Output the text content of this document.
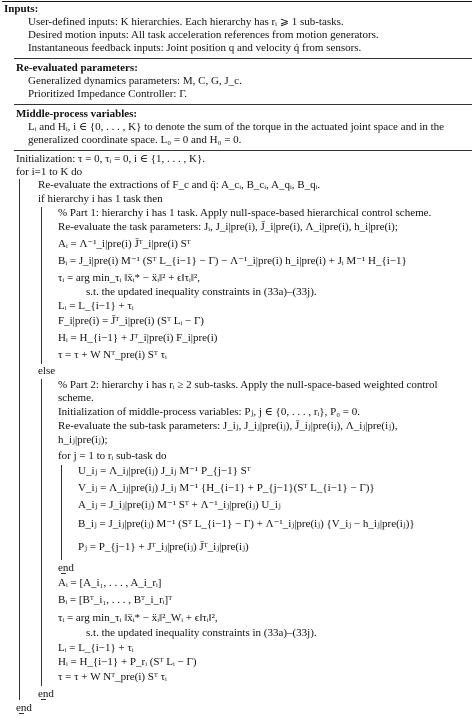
Inputs:
User-defined inputs: K hierarchies. Each hierarchy has rᵢ ⩾ 1 sub-tasks.
Desired motion inputs: All task acceleration references from motion generators.
Instantaneous feedback inputs: Joint position q and velocity q̇ from sensors.
Re-evaluated parameters:
Generalized dynamics parameters: M, C, G, J_c.
Prioritized Impedance Controller: Γ.
Middle-process variables:
Lᵢ and Hᵢ, i ∈ {0, . . . , K} to denote the sum of the torque in the actuated joint space and in the
generalized coordinate space. L₀ = 0 and H₀ = 0.
Initialization: τ = 0, τᵢ = 0, i ∈ {1, . . . , K}.
for i=1 to K do
Re-evaluate the extractions of F_c and q̈: A_cᵢ, B_cᵢ, A_qᵢ, B_qᵢ.
if hierarchy i has 1 task then
% Part 1: hierarchy i has 1 task. Apply null-space-based hierarchical control scheme.
Re-evaluate the task parameters: Jᵢ, J_i|pre(i), J̄_i|pre(i), Λ_i|pre(i), h_i|pre(i);
Aᵢ = Λ⁻¹_i|pre(i) J̄ᵀ_i|pre(i) Sᵀ
Bᵢ = J_i|pre(i) M⁻¹ (Sᵀ L_{i−1} − Γ) − Λ⁻¹_i|pre(i) h_i|pre(i) + Jᵢ M⁻¹ H_{i−1}
τᵢ = arg min_τᵢ ‖ẍᵢ* − ẍᵢ‖² + ϵ‖τᵢ‖²,
s.t. the updated inequality constraints in (33a)–(33j).
Lᵢ = L_{i−1} + τᵢ
F_i|pre(i) = J̄ᵀ_i|pre(i) (Sᵀ Lᵢ − Γ)
Hᵢ = H_{i−1} + Jᵀ_i|pre(i) F_i|pre(i)
τ = τ + W Nᵀ_pre(i) Sᵀ τᵢ
else
% Part 2: hierarchy i has rᵢ ≥ 2 sub-tasks. Apply the null-space-based weighted control
scheme.
Initialization of middle-process variables: Pⱼ, j ∈ {0, . . . , rᵢ}, P₀ = 0.
Re-evaluate the sub-task parameters: J_iⱼ, J_iⱼ|pre(iⱼ), J̄_iⱼ|pre(iⱼ), Λ_iⱼ|pre(iⱼ),
h_iⱼ|pre(iⱼ);
for j = 1 to rᵢ sub-task do
U_iⱼ = Λ_iⱼ|pre(iⱼ) J_iⱼ M⁻¹ P_{j−1} Sᵀ
V_iⱼ = Λ_iⱼ|pre(iⱼ) J_iⱼ M⁻¹ {H_{i−1} + P_{j−1}(Sᵀ L_{i−1} − Γ)}
A_iⱼ = J_iⱼ|pre(iⱼ) M⁻¹ Sᵀ + Λ⁻¹_iⱼ|pre(iⱼ) U_iⱼ
B_iⱼ = J_iⱼ|pre(iⱼ) M⁻¹ (Sᵀ L_{i−1} − Γ) + Λ⁻¹_iⱼ|pre(iⱼ) {V_iⱼ − h_iⱼ|pre(iⱼ)}
Pⱼ = P_{j−1} + Jᵀ_iⱼ|pre(iⱼ) J̄ᵀ_iⱼ|pre(iⱼ)
end
Aᵢ = [A_i₁, . . . , A_i_rᵢ]
Bᵢ = [Bᵀ_i₁, . . . , Bᵀ_i_rᵢ]ᵀ
τᵢ = arg min_τᵢ ‖ẍᵢ* − ẍᵢ‖²_Wᵢ + ϵ‖τᵢ‖²,
s.t. the updated inequality constraints in (33a)–(33j).
Lᵢ = L_{i−1} + τᵢ
Hᵢ = H_{i−1} + P_rᵢ (Sᵀ Lᵢ − Γ)
τ = τ + W Nᵀ_pre(i) Sᵀ τᵢ
end
end
